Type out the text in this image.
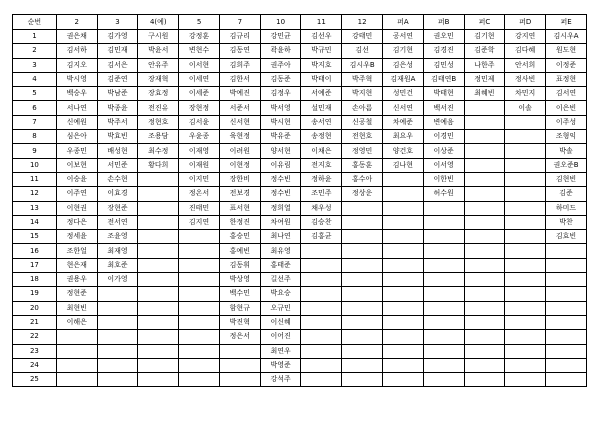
순번	2	3	4(예)	5	7	10	11	12	퍼A	퍼B	퍼C	퍼D	퍼E
1	권은채	김가영	구시원	강정훈	김규리	강민균	김선우	강태민	공서연	권오민	김기현	강지연	김시우A
2	김서하	김민재	박윤서	변현수	김동연	곽윤하	박규민	김선	김기현	김경진	김준학	김다혜	원도현
3	김지오	김서은	안유주	이서현	김희주	권주아	박지호	김시우B	김은성	김민성	나한주	안서희	이정준
4	박시영	김준연	장재혁	이세연	김한서	김동준	박태이	박주혁	김재원A	김태연B	정민제	정사빈	표정현
5	백승우	박남준	장효정	이세준	박예진	김정우	서예준	박지현	성민건	박태현	최혜빈	차민지	김서연
6	서나연	박종윤	전진유	장현정	서준서	박서영	설민재	손아름	신서연	백서진		이솔	이은빈
7	신예원	박주서	정현호	김서윤	신서현	박시현	송서연	신공철	차예준	변예음			이주성
8	심은아	박효빈	조용담	우윤종	육현정	박유준	송정현	전현호	최요우	이경민			조형익
9	우종민	배성현	최수정	이재영	이려원	양서현	이채은	정영민	양건호	이상준			박솔
10	이보현	서민준	황다희	이재원	이현정	이유림	전지호	홍동훈	김나현	이서영			권오준B
11	이승윤	손수현		이지민	장한비	정수빈	정하윤	홍수아		이한빈			김현빈
12	이주연	이효경		정온서	전보경	정수빈	조민주	정상운		허수원			김준
13	이현권	장현준		진태민	표서현	정희열	채우성						하미드
14	정다은	전서연		김지연	한정진	차여원	김승찬						박찬
15	정세윤	조윤영			홍승민	최나연	김홍균						김효빈
16	조한얼	최재영			홍예빈	최유영							
17	현은재	최호준			김동휘	홍태준							
18	권용우	이가영			박상영	길선주							
19	정현준				백수민	박요승							
20	최현빈				함현규	오규민							
21	이해은				박진혁	이신혜							
22					정은서	이어진							
23						최연우							
24						박영준							
25						강석주							
